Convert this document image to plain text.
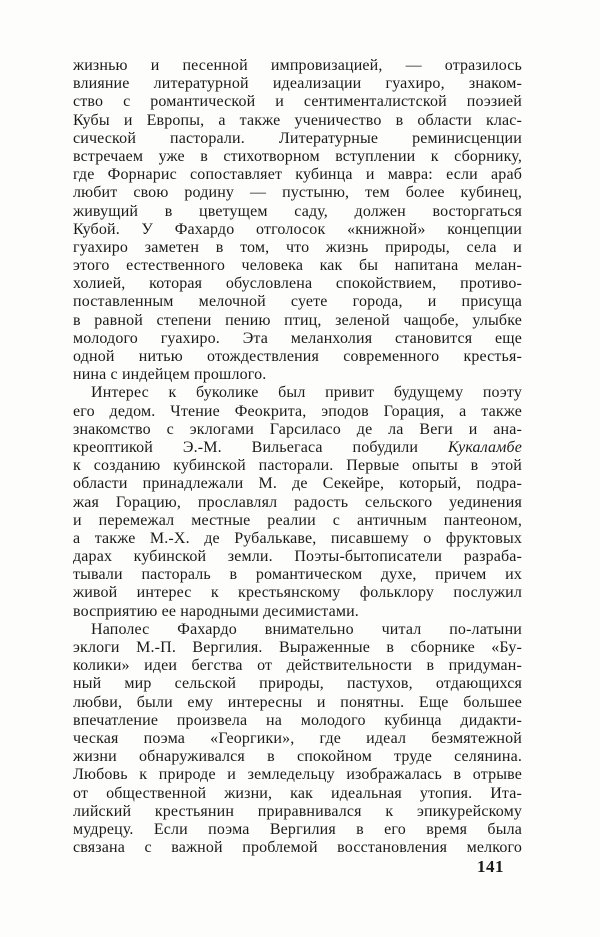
жизнью и песенной импровизацией, — отразилось
влияние литературной идеализации гуахиро, знаком-
ство с романтической и сентименталистской поэзией
Кубы и Европы, а также ученичество в области клас-
сической пасторали. Литературные реминисценции
встречаем уже в стихотворном вступлении к сборнику,
где Форнарис сопоставляет кубинца и мавра: если араб
любит свою родину — пустыню, тем более кубинец,
живущий в цветущем саду, должен восторгаться
Кубой. У Фахардо отголосок «книжной» концепции
гуахиро заметен в том, что жизнь природы, села и
этого естественного человека как бы напитана мелан-
холией, которая обусловлена спокойствием, противо-
поставленным мелочной суете города, и присуща
в равной степени пению птиц, зеленой чащобе, улыбке
молодого гуахиро. Эта меланхолия становится еще
одной нитью отождествления современного крестья-
нина с индейцем прошлого.
Интерес к буколике был привит будущему поэту
его дедом. Чтение Феокрита, эподов Горация, а также
знакомство с эклогами Гарсиласо де ла Веги и ана-
креоптикой Э.-М. Вильегаса побудили Кукаламбе
к созданию кубинской пасторали. Первые опыты в этой
области принадлежали М. де Секейре, который, подра-
жая Горацию, прославлял радость сельского уединения
и перемежал местные реалии с античным пантеоном,
а также М.-Х. де Рубалькаве, писавшему о фруктовых
дарах кубинской земли. Поэты-бытописатели разраба-
тывали пастораль в романтическом духе, причем их
живой интерес к крестьянскому фольклору послужил
восприятию ее народными десимистами.
Наполес Фахардо внимательно читал по-латыни
эклоги М.-П. Вергилия. Выраженные в сборнике «Бу-
колики» идеи бегства от действительности в придуман-
ный мир сельской природы, пастухов, отдающихся
любви, были ему интересны и понятны. Еще большее
впечатление произвела на молодого кубинца дидакти-
ческая поэма «Георгики», где идеал безмятежной
жизни обнаруживался в спокойном труде селянина.
Любовь к природе и земледельцу изображалась в отрыве
от общественной жизни, как идеальная утопия. Ита-
лийский крестьянин приравнивался к эпикурейскому
мудрецу. Если поэма Вергилия в его время была
связана с важной проблемой восстановления мелкого
141
